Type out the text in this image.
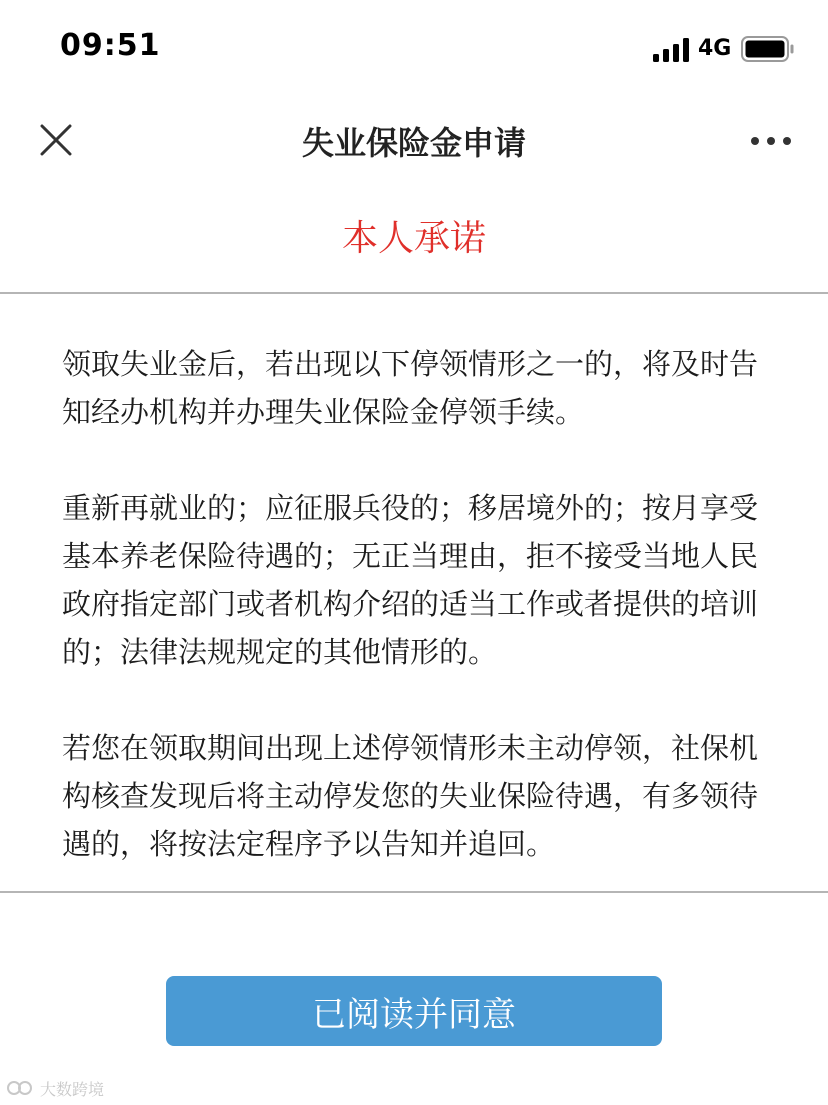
09:51	4G
失业保险金申请
本人承诺

领取失业金后，若出现以下停领情形之一的，将及时告知经办机构并办理失业保险金停领手续。

重新再就业的；应征服兵役的；移居境外的；按月享受基本养老保险待遇的；无正当理由，拒不接受当地人民政府指定部门或者机构介绍的适当工作或者提供的培训的；法律法规规定的其他情形的。

若您在领取期间出现上述停领情形未主动停领，社保机构核查发现后将主动停发您的失业保险待遇，有多领待遇的，将按法定程序予以告知并追回。

已阅读并同意
大数跨境
